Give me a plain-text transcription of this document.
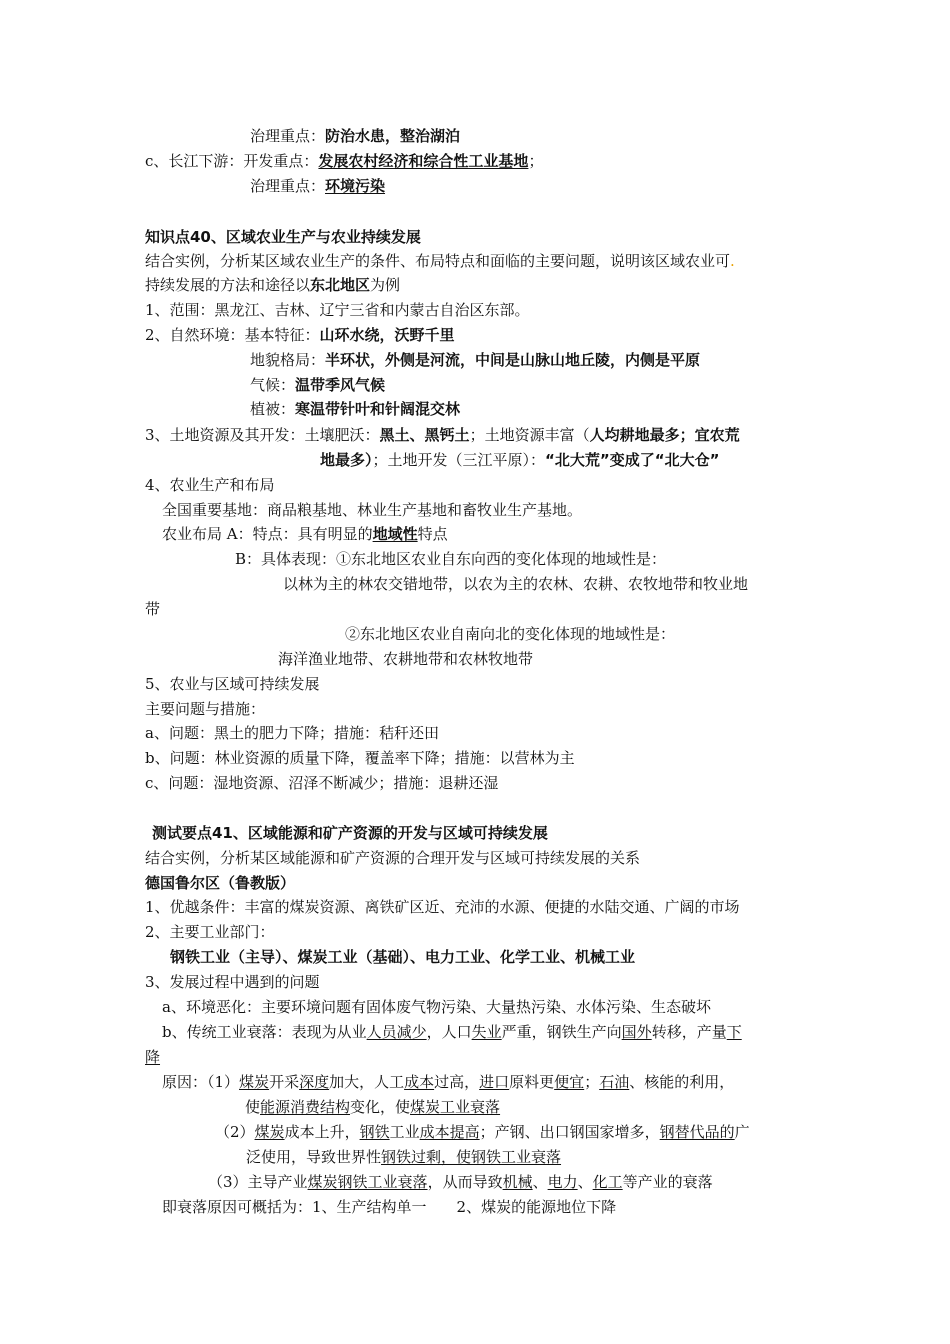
治理重点：防治水患，整治湖泊
c、长江下游：开发重点：发展农村经济和综合性工业基地；
治理重点：环境污染
知识点40、区域农业生产与农业持续发展
结合实例，分析某区域农业生产的条件、布局特点和面临的主要问题，说明该区域农业可.
持续发展的方法和途径以东北地区为例
1、范围：黑龙江、吉林、辽宁三省和内蒙古自治区东部。
2、自然环境：基本特征：山环水绕，沃野千里
地貌格局：半环状，外侧是河流，中间是山脉山地丘陵，内侧是平原
气候：温带季风气候
植被：寒温带针叶和针阔混交林
3、土地资源及其开发：土壤肥沃：黑土、黑钙土；土地资源丰富（人均耕地最多；宜农荒
地最多）；土地开发（三江平原）：“北大荒”变成了“北大仓”
4、农业生产和布局
全国重要基地：商品粮基地、林业生产基地和畜牧业生产基地。
农业布局 A：特点：具有明显的地域性特点
B：具体表现：①东北地区农业自东向西的变化体现的地域性是：
以林为主的林农交错地带，以农为主的农林、农耕、农牧地带和牧业地
带
②东北地区农业自南向北的变化体现的地域性是：
海洋渔业地带、农耕地带和农林牧地带
5、农业与区域可持续发展
主要问题与措施：
a、问题：黑土的肥力下降；措施：秸秆还田
b、问题：林业资源的质量下降，覆盖率下降；措施：以营林为主
c、问题：湿地资源、沼泽不断减少；措施：退耕还湿
测试要点41、区域能源和矿产资源的开发与区域可持续发展
结合实例，分析某区域能源和矿产资源的合理开发与区域可持续发展的关系
德国鲁尔区（鲁教版）
1、优越条件：丰富的煤炭资源、离铁矿区近、充沛的水源、便捷的水陆交通、广阔的市场
2、主要工业部门：
钢铁工业（主导）、煤炭工业（基础）、电力工业、化学工业、机械工业
3、发展过程中遇到的问题
a、环境恶化：主要环境问题有固体废气物污染、大量热污染、水体污染、生态破坏
b、传统工业衰落：表现为从业人员减少，人口失业严重，钢铁生产向国外转移，产量下
降
原因：（1）煤炭开采深度加大，人工成本过高，进口原料更便宜；石油、核能的利用，
使能源消费结构变化，使煤炭工业衰落
（2）煤炭成本上升，钢铁工业成本提高；产钢、出口钢国家增多，钢替代品的广
泛使用，导致世界性钢铁过剩，使钢铁工业衰落
（3）主导产业煤炭钢铁工业衰落，从而导致机械、电力、化工等产业的衰落
即衰落原因可概括为：1、生产结构单一　　2、煤炭的能源地位下降
